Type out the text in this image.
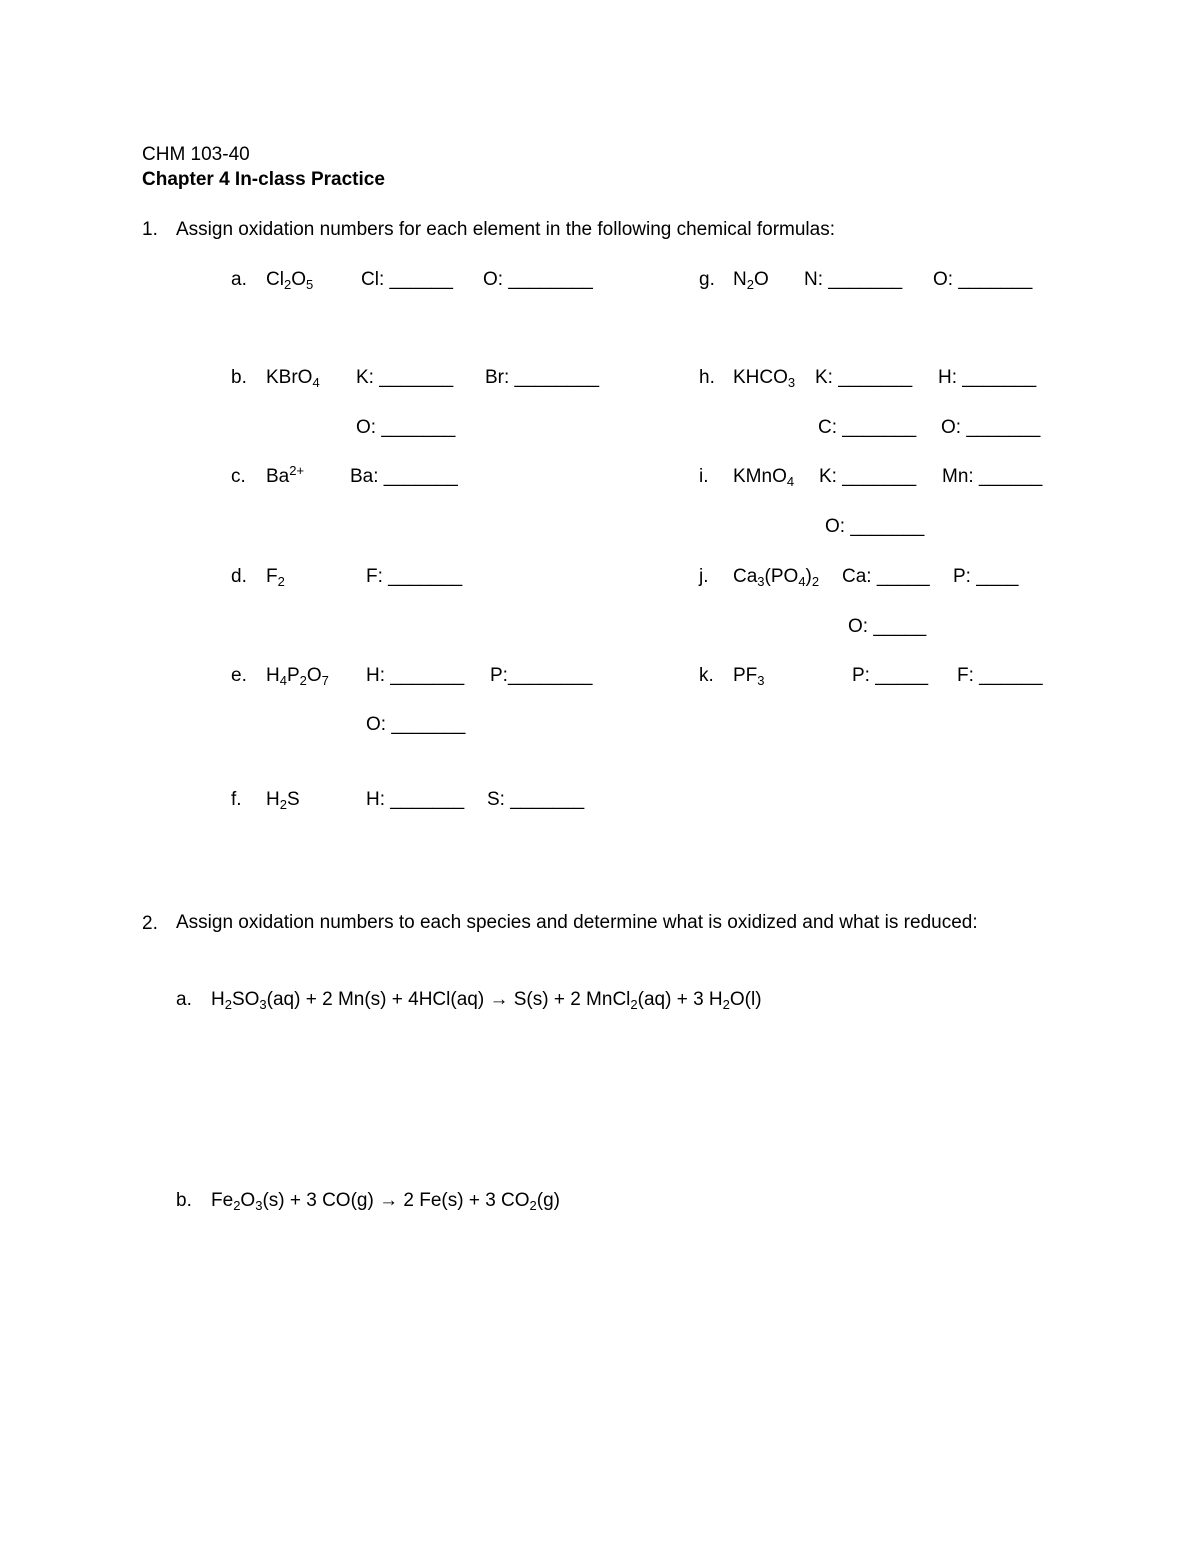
CHM 103-40
Chapter 4 In-class Practice
1. Assign oxidation numbers for each element in the following chemical formulas:
a. $Cl_2O_5$	Cl: ______ O: ________	g. $N_2O$ N: _______ O: _______
b. KBrO$_4$ K: _______ Br: ________
O: _______
h. $KHCO_3$ K: _______ H: _______
C: _______ O: _______
c. $Ba^{2+}$ Ba: _______	i. KMnO$_4$ K: _______ Mn: ______
O: _______
d. $F_2$	F: _______	j. $Ca_3(PO_4)_2$ Ca: _____ P: ____
O: _____
e. $H_4P_2O_7$ H: _______ P:________
O: _______
k. $PF_3$	P: _____ F: ______
f. $H_2S$	H: _______ S: _______
2. Assign oxidation numbers to each species and determine what is oxidized and what is reduced:
a. $H_2SO_3(aq) + 2$ Mn(s) + 4HCl(aq) → S(s) + 2 MnCl$_2$(aq) + 3 $H_2O(l)$
b. $Fe_2O_3(s) + 3$ CO(g) → 2 Fe(s) + 3 $CO_2(g)$
